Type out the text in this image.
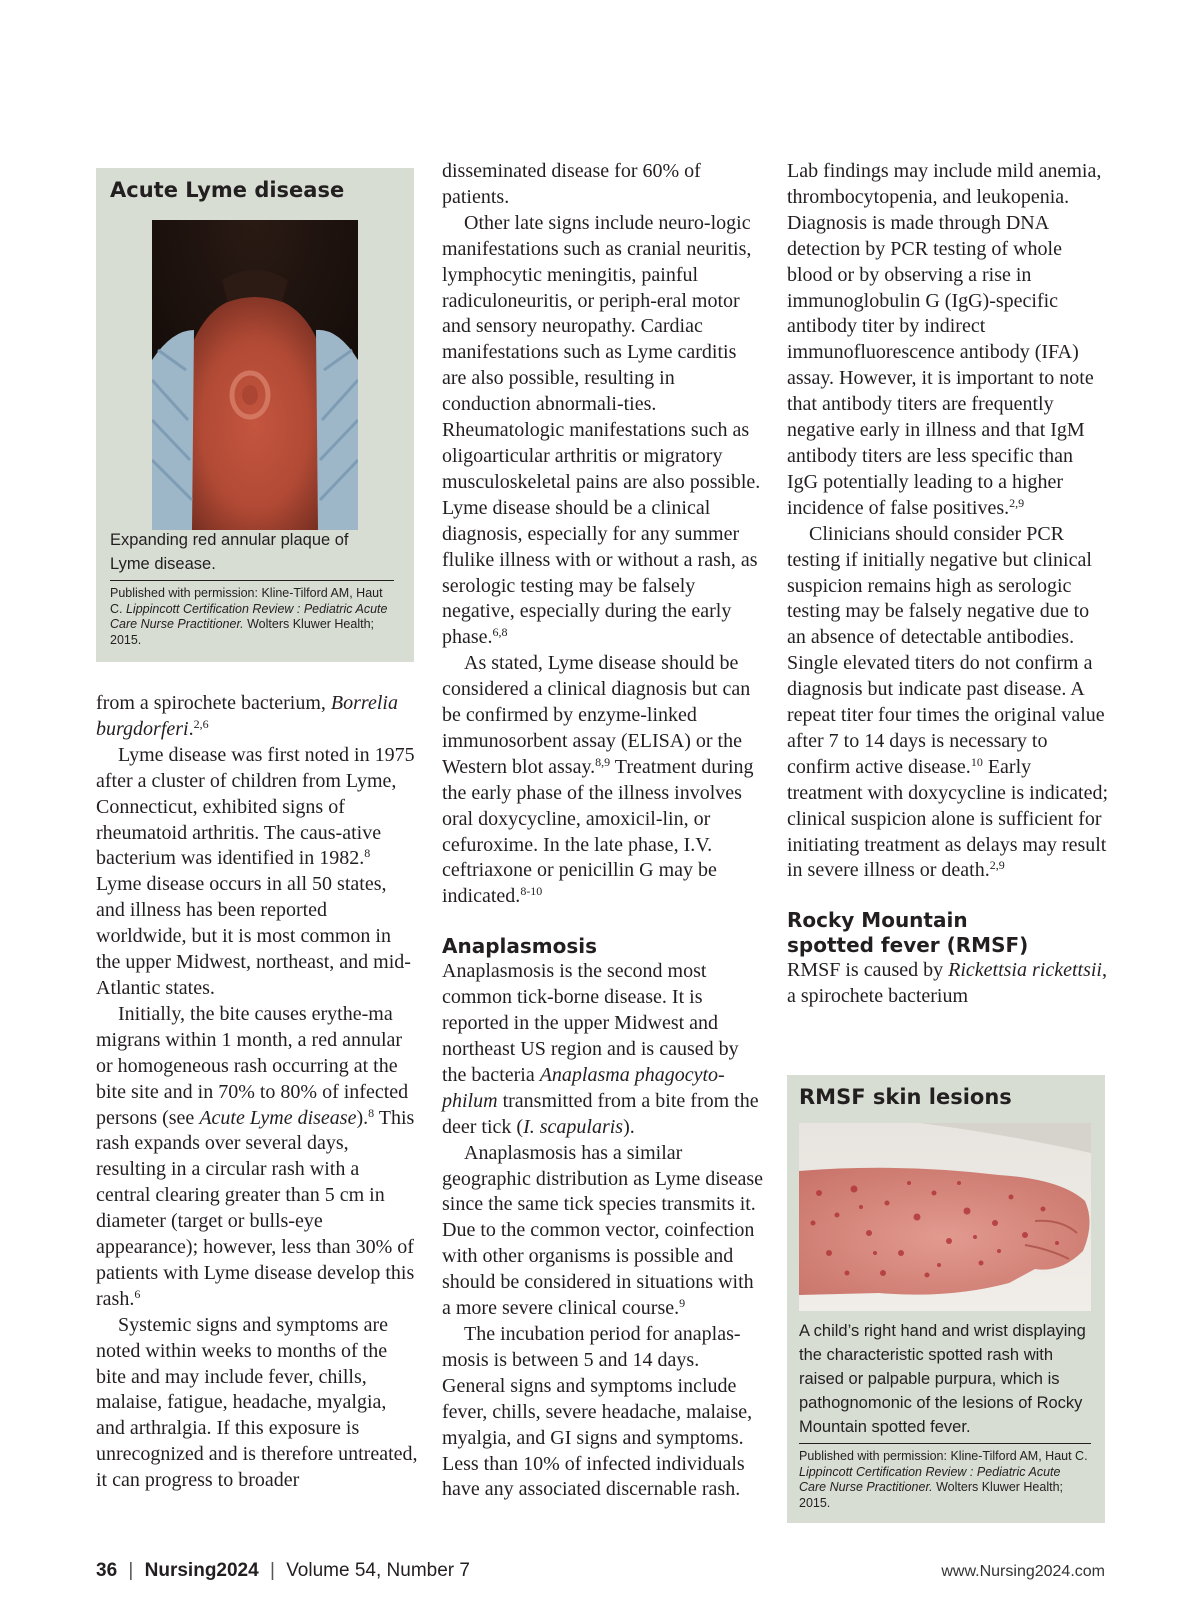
Acute Lyme disease
Expanding red annular plaque of Lyme disease.
Published with permission: Kline-Tilford AM, Haut C. Lippincott Certification Review : Pediatric Acute Care Nurse Practitioner. Wolters Kluwer Health; 2015.

from a spirochete bacterium, Borrelia burgdorferi.$^{2,6}$

Lyme disease was first noted in 1975 after a cluster of children from Lyme, Connecticut, exhibited signs of rheumatoid arthritis. The caus-ative bacterium was identified in 1982.$^8$ Lyme disease occurs in all 50 states, and illness has been reported worldwide, but it is most common in the upper Midwest, northeast, and mid-Atlantic states.

Initially, the bite causes erythe-ma migrans within 1 month, a red annular or homogeneous rash occurring at the bite site and in 70% to 80% of infected persons (see Acute Lyme disease).$^8$ This rash expands over several days, resulting in a circular rash with a central clearing greater than 5 cm in diameter (target or bulls-eye appearance); however, less than 30% of patients with Lyme disease develop this rash.$^6$

Systemic signs and symptoms are noted within weeks to months of the bite and may include fever, chills, malaise, fatigue, headache, myalgia, and arthralgia. If this exposure is unrecognized and is therefore untreated, it can progress to broader

disseminated disease for 60% of patients.

Other late signs include neuro-logic manifestations such as cranial neuritis, lymphocytic meningitis, painful radiculoneuritis, or periph-eral motor and sensory neuropathy. Cardiac manifestations such as Lyme carditis are also possible, resulting in conduction abnormali-ties. Rheumatologic manifestations such as oligoarticular arthritis or migratory musculoskeletal pains are also possible. Lyme disease should be a clinical diagnosis, especially for any summer flulike illness with or without a rash, as serologic testing may be falsely negative, especially during the early phase.$^{6,8}$

As stated, Lyme disease should be considered a clinical diagnosis but can be confirmed by enzyme-linked immunosorbent assay (ELISA) or the Western blot assay.$^{8,9}$ Treatment during the early phase of the illness involves oral doxycycline, amoxicil-lin, or cefuroxime. In the late phase, I.V. ceftriaxone or penicillin G may be indicated.$^{8-10}$

Anaplasmosis

Anaplasmosis is the second most common tick-borne disease. It is reported in the upper Midwest and northeast US region and is caused by the bacteria Anaplasma phagocyto-philum transmitted from a bite from the deer tick (I. scapularis).

Anaplasmosis has a similar geographic distribution as Lyme disease since the same tick species transmits it. Due to the common vector, coinfection with other organisms is possible and should be considered in situations with a more severe clinical course.$^9$

The incubation period for anaplas-mosis is between 5 and 14 days. General signs and symptoms include fever, chills, severe headache, malaise, myalgia, and GI signs and symptoms. Less than 10% of infected individuals have any associated discernable rash.

Lab findings may include mild anemia, thrombocytopenia, and leukopenia. Diagnosis is made through DNA detection by PCR testing of whole blood or by observing a rise in immunoglobulin G (IgG)-specific antibody titer by indirect immunofluorescence antibody (IFA) assay. However, it is important to note that antibody titers are frequently negative early in illness and that IgM antibody titers are less specific than IgG potentially leading to a higher incidence of false positives.$^{2,9}$

Clinicians should consider PCR testing if initially negative but clinical suspicion remains high as serologic testing may be falsely negative due to an absence of detectable antibodies. Single elevated titers do not confirm a diagnosis but indicate past disease. A repeat titer four times the original value after 7 to 14 days is necessary to confirm active disease.$^{10}$ Early treatment with doxycycline is indicated; clinical suspicion alone is sufficient for initiating treatment as delays may result in severe illness or death.$^{2,9}$

Rocky Mountain spotted fever (RMSF)

RMSF is caused by Rickettsia rickettsii, a spirochete bacterium

RMSF skin lesions
A child’s right hand and wrist displaying the characteristic spotted rash with raised or palpable purpura, which is pathognomonic of the lesions of Rocky Mountain spotted fever.
Published with permission: Kline-Tilford AM, Haut C. Lippincott Certification Review : Pediatric Acute Care Nurse Practitioner. Wolters Kluwer Health; 2015.
36 | Nursing2024 | Volume 54, Number 7	www.Nursing2024.com
